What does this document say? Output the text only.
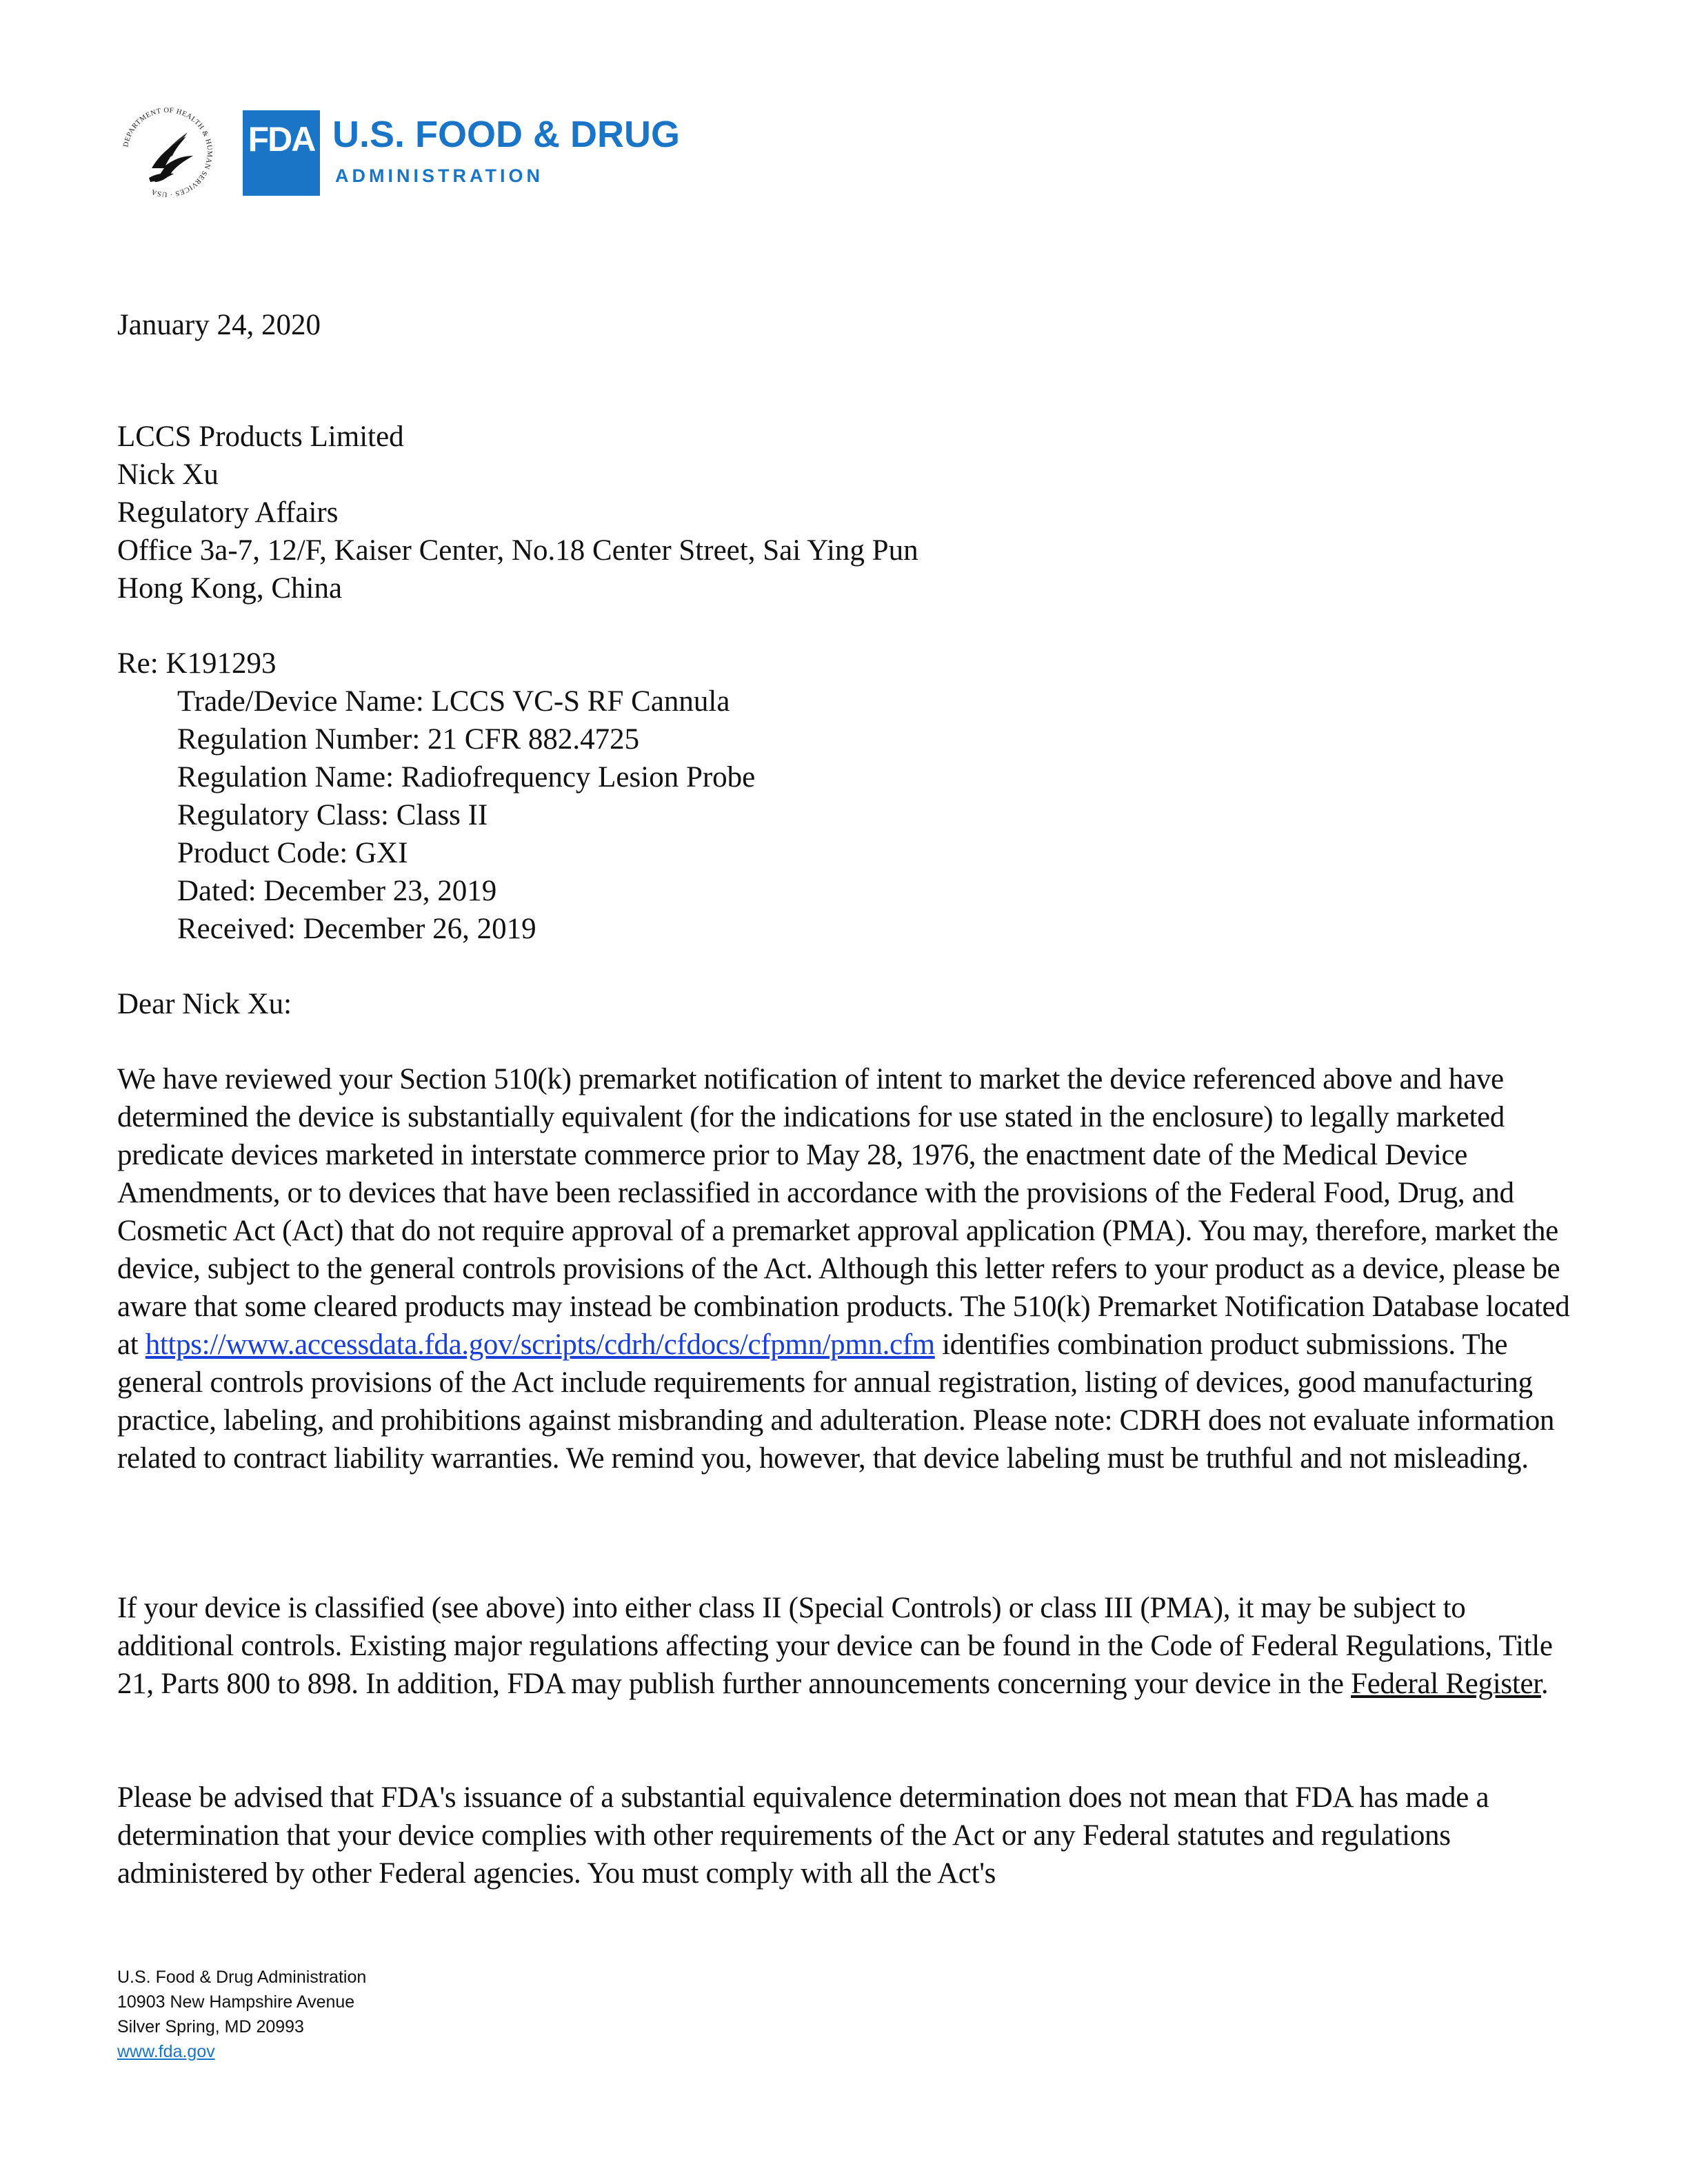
DEPARTMENT OF HEALTH & HUMAN SERVICES · USA
FDA U.S. FOOD & DRUG
ADMINISTRATION
January 24, 2020
LCCS Products Limited
Nick Xu
Regulatory Affairs
Office 3a-7, 12/F, Kaiser Center, No.18 Center Street, Sai Ying Pun
Hong Kong, China
Re: K191293
Trade/Device Name: LCCS VC-S RF Cannula
Regulation Number: 21 CFR 882.4725
Regulation Name: Radiofrequency Lesion Probe
Regulatory Class: Class II
Product Code: GXI
Dated: December 23, 2019
Received: December 26, 2019
Dear Nick Xu:
We have reviewed your Section 510(k) premarket notification of intent to market the device referenced above and have determined the device is substantially equivalent (for the indications for use stated in the enclosure) to legally marketed predicate devices marketed in interstate commerce prior to May 28, 1976, the enactment date of the Medical Device Amendments, or to devices that have been reclassified in accordance with the provisions of the Federal Food, Drug, and Cosmetic Act (Act) that do not require approval of a premarket approval application (PMA). You may, therefore, market the device, subject to the general controls provisions of the Act. Although this letter refers to your product as a device, please be aware that some cleared products may instead be combination products. The 510(k) Premarket Notification Database located at https://www.accessdata.fda.gov/scripts/cdrh/cfdocs/cfpmn/pmn.cfm identifies combination product submissions. The general controls provisions of the Act include requirements for annual registration, listing of devices, good manufacturing practice, labeling, and prohibitions against misbranding and adulteration. Please note: CDRH does not evaluate information related to contract liability warranties. We remind you, however, that device labeling must be truthful and not misleading.
If your device is classified (see above) into either class II (Special Controls) or class III (PMA), it may be subject to additional controls. Existing major regulations affecting your device can be found in the Code of Federal Regulations, Title 21, Parts 800 to 898. In addition, FDA may publish further announcements concerning your device in the Federal Register.
Please be advised that FDA's issuance of a substantial equivalence determination does not mean that FDA has made a determination that your device complies with other requirements of the Act or any Federal statutes and regulations administered by other Federal agencies. You must comply with all the Act's
U.S. Food & Drug Administration
10903 New Hampshire Avenue
Silver Spring, MD 20993
www.fda.gov
